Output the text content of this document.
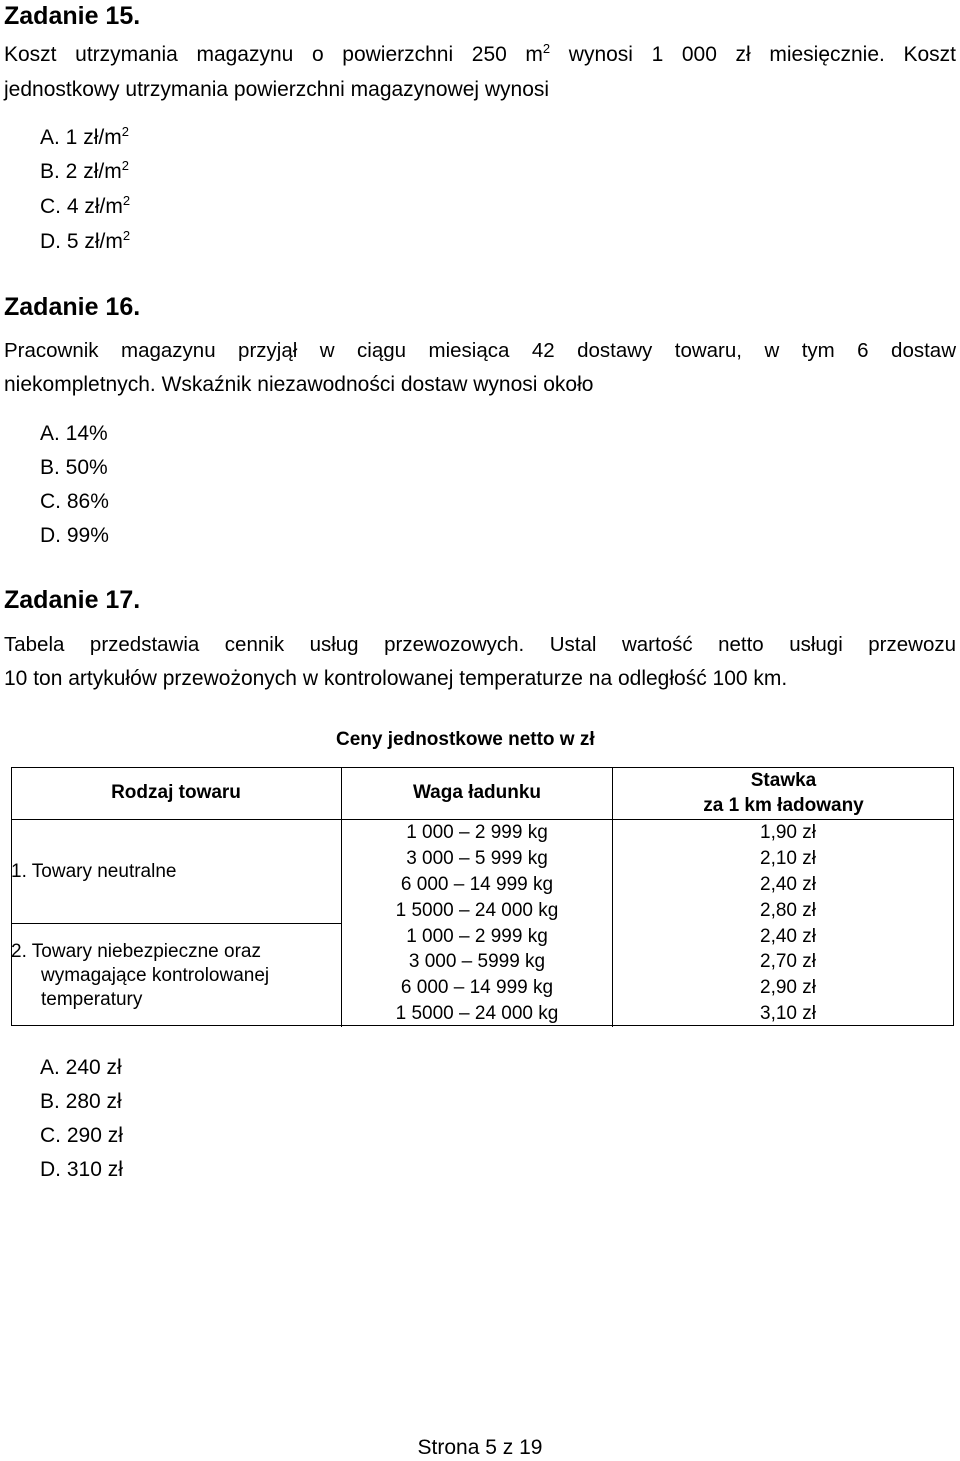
Zadanie 15.
Koszt utrzymania magazynu o powierzchni 250 $m^2$ wynosi 1 000 zł miesięcznie. Koszt
jednostkowy utrzymania powierzchni magazynowej wynosi
A. 1 $zł/m^2$
B. 2 $zł/m^2$
C. 4 $zł/m^2$
D. 5 $zł/m^2$
Zadanie 16.
Pracownik magazynu przyjął w ciągu miesiąca 42 dostawy towaru, w tym 6 dostaw
niekompletnych. Wskaźnik niezawodności dostaw wynosi około
A. 14%
B. 50%
C. 86%
D. 99%
Zadanie 17.
Tabela przedstawia cennik usług przewozowych. Ustal wartość netto usługi przewozu
10 ton artykułów przewożonych w kontrolowanej temperaturze na odległość 100 km.
Ceny jednostkowe netto w zł
Rodzaj towaru	Waga ładunku	Stawka
za 1 km ładowany
1. Towary neutralne	1 000 – 2 999 kg	1,90 zł
	3 000 – 5 999 kg	2,10 zł
	6 000 – 14 999 kg	2,40 zł
	1 5000 – 24 000 kg	2,80 zł
2. Towary niebezpieczne oraz
wymagające kontrolowanej
temperatury	1 000 – 2 999 kg	2,40 zł
	3 000 – 5999 kg	2,70 zł
	6 000 – 14 999 kg	2,90 zł
	1 5000 – 24 000 kg	3,10 zł
A. 240 zł
B. 280 zł
C. 290 zł
D. 310 zł
Strona 5 z 19
